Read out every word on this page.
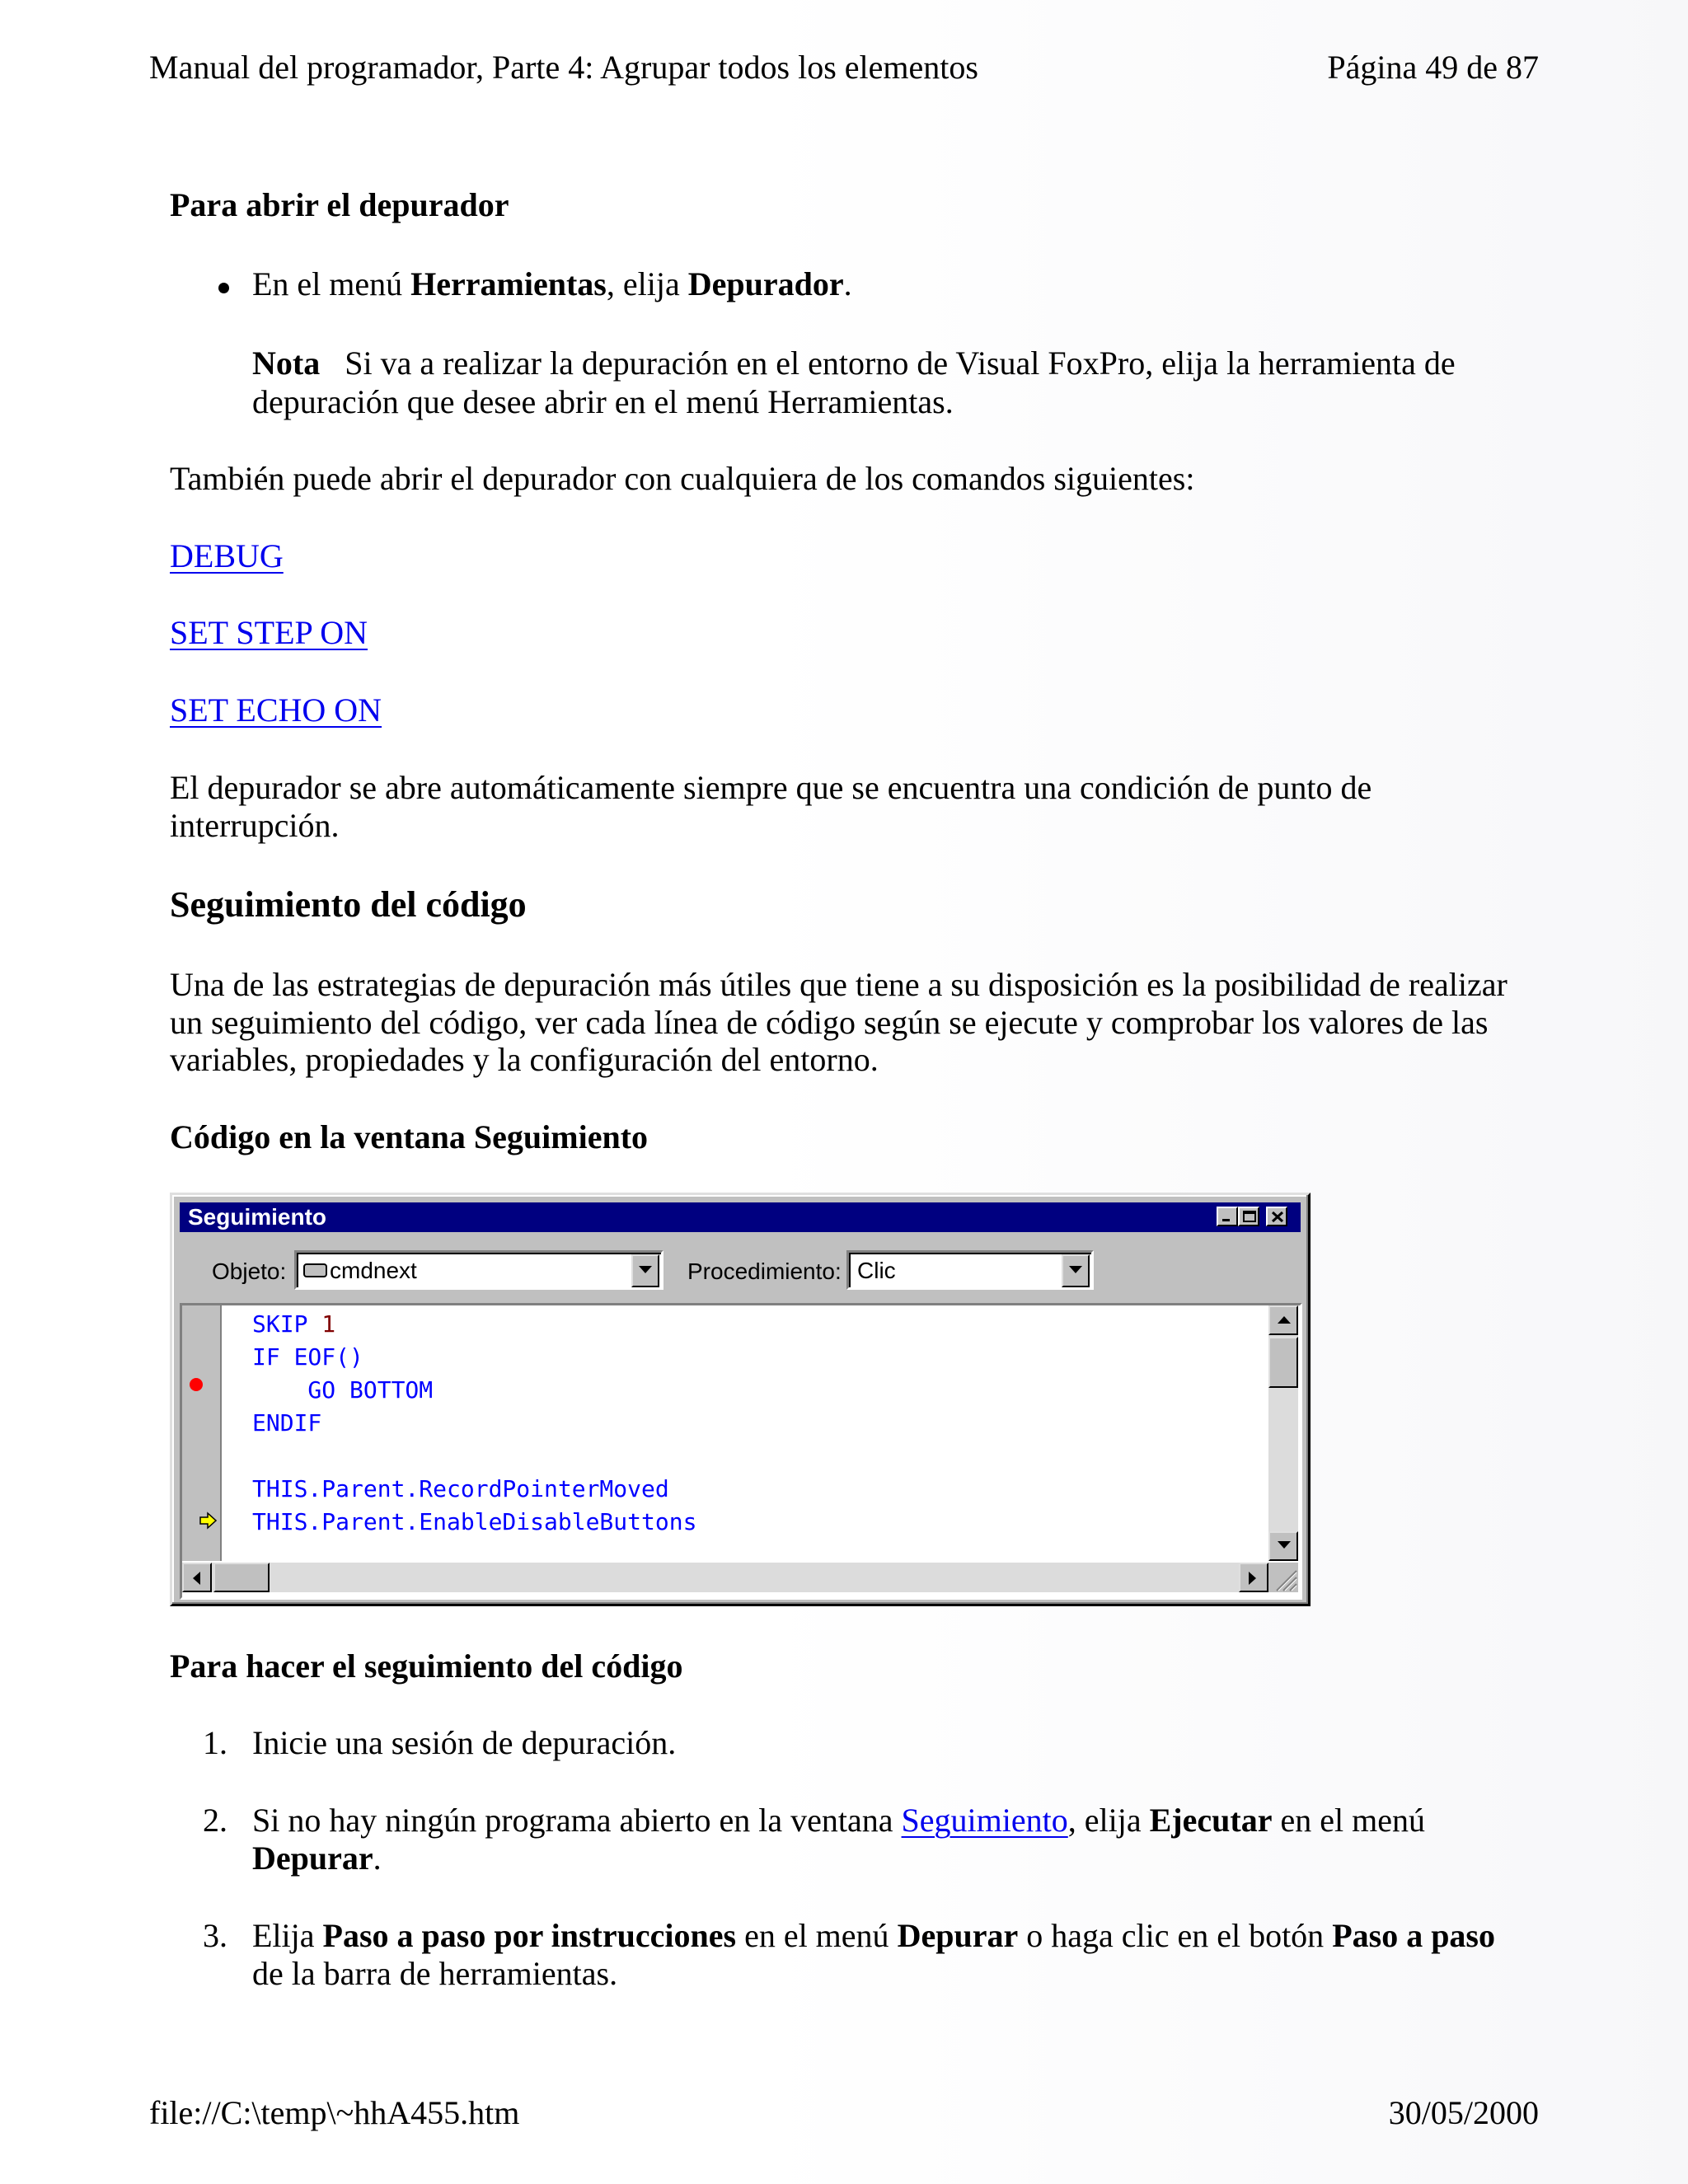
Manual del programador, Parte 4: Agrupar todos los elementos	Página 49 de 87
Para abrir el depurador
En el menú Herramientas, elija Depurador.
Nota Si va a realizar la depuración en el entorno de Visual FoxPro, elija la herramienta de
depuración que desee abrir en el menú Herramientas.
También puede abrir el depurador con cualquiera de los comandos siguientes:
DEBUG
SET STEP ON
SET ECHO ON
El depurador se abre automáticamente siempre que se encuentra una condición de punto de
interrupción.
Seguimiento del código
Una de las estrategias de depuración más útiles que tiene a su disposición es la posibilidad de realizar
un seguimiento del código, ver cada línea de código según se ejecute y comprobar los valores de las
variables, propiedades y la configuración del entorno.
Código en la ventana Seguimiento
Seguimiento
Objeto: cmdnext	Procedimiento: Clic
SKIP 1
IF EOF()
GO BOTTOM
ENDIF
THIS.Parent.RecordPointerMoved
THIS.Parent.EnableDisableButtons
Para hacer el seguimiento del código
1. Inicie una sesión de depuración.
2. Si no hay ningún programa abierto en la ventana Seguimiento, elija Ejecutar en el menú
Depurar.
3. Elija Paso a paso por instrucciones en el menú Depurar o haga clic en el botón Paso a paso
de la barra de herramientas.
file://C:\temp\~hhA455.htm	30/05/2000
